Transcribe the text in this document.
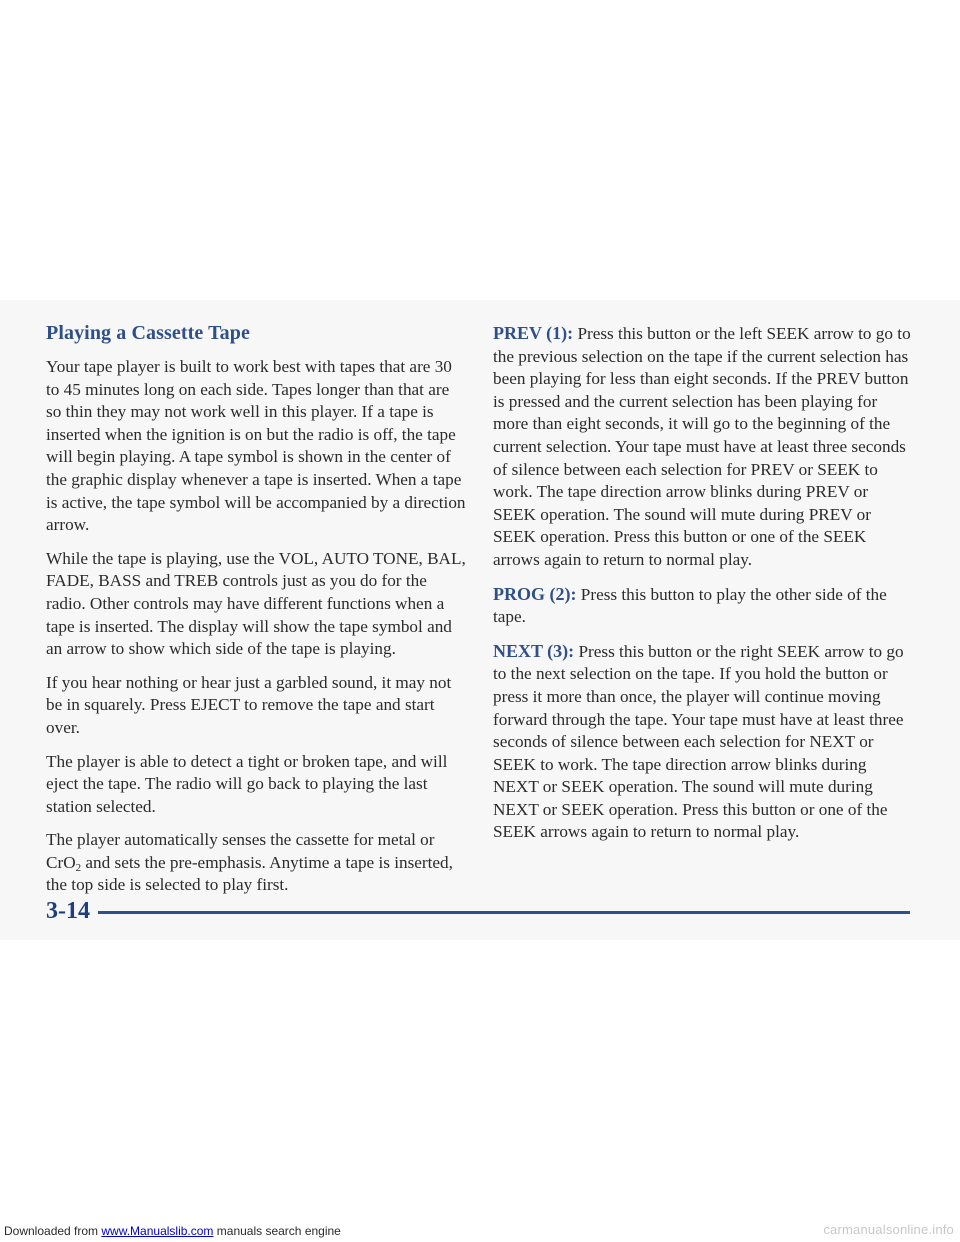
Playing a Cassette Tape

Your tape player is built to work best with tapes that are 30 to 45 minutes long on each side. Tapes longer than that are so thin they may not work well in this player. If a tape is inserted when the ignition is on but the radio is off, the tape will begin playing. A tape symbol is shown in the center of the graphic display whenever a tape is inserted. When a tape is active, the tape symbol will be accompanied by a direction arrow.

While the tape is playing, use the VOL, AUTO TONE, BAL, FADE, BASS and TREB controls just as you do for the radio. Other controls may have different functions when a tape is inserted. The display will show the tape symbol and an arrow to show which side of the tape is playing.

If you hear nothing or hear just a garbled sound, it may not be in squarely. Press EJECT to remove the tape and start over.

The player is able to detect a tight or broken tape, and will eject the tape. The radio will go back to playing the last station selected.

The player automatically senses the cassette for metal or CrO$_2$ and sets the pre-emphasis. Anytime a tape is inserted, the top side is selected to play first.

PREV (1): Press this button or the left SEEK arrow to go to the previous selection on the tape if the current selection has been playing for less than eight seconds. If the PREV button is pressed and the current selection has been playing for more than eight seconds, it will go to the beginning of the current selection. Your tape must have at least three seconds of silence between each selection for PREV or SEEK to work. The tape direction arrow blinks during PREV or SEEK operation. The sound will mute during PREV or SEEK operation. Press this button or one of the SEEK arrows again to return to normal play.

PROG (2): Press this button to play the other side of the tape.

NEXT (3): Press this button or the right SEEK arrow to go to the next selection on the tape. If you hold the button or press it more than once, the player will continue moving forward through the tape. Your tape must have at least three seconds of silence between each selection for NEXT or SEEK to work. The tape direction arrow blinks during NEXT or SEEK operation. The sound will mute during NEXT or SEEK operation. Press this button or one of the SEEK arrows again to return to normal play.

3-14
Downloaded from www.Manualslib.com manuals search engine	carmanualsonline.info
